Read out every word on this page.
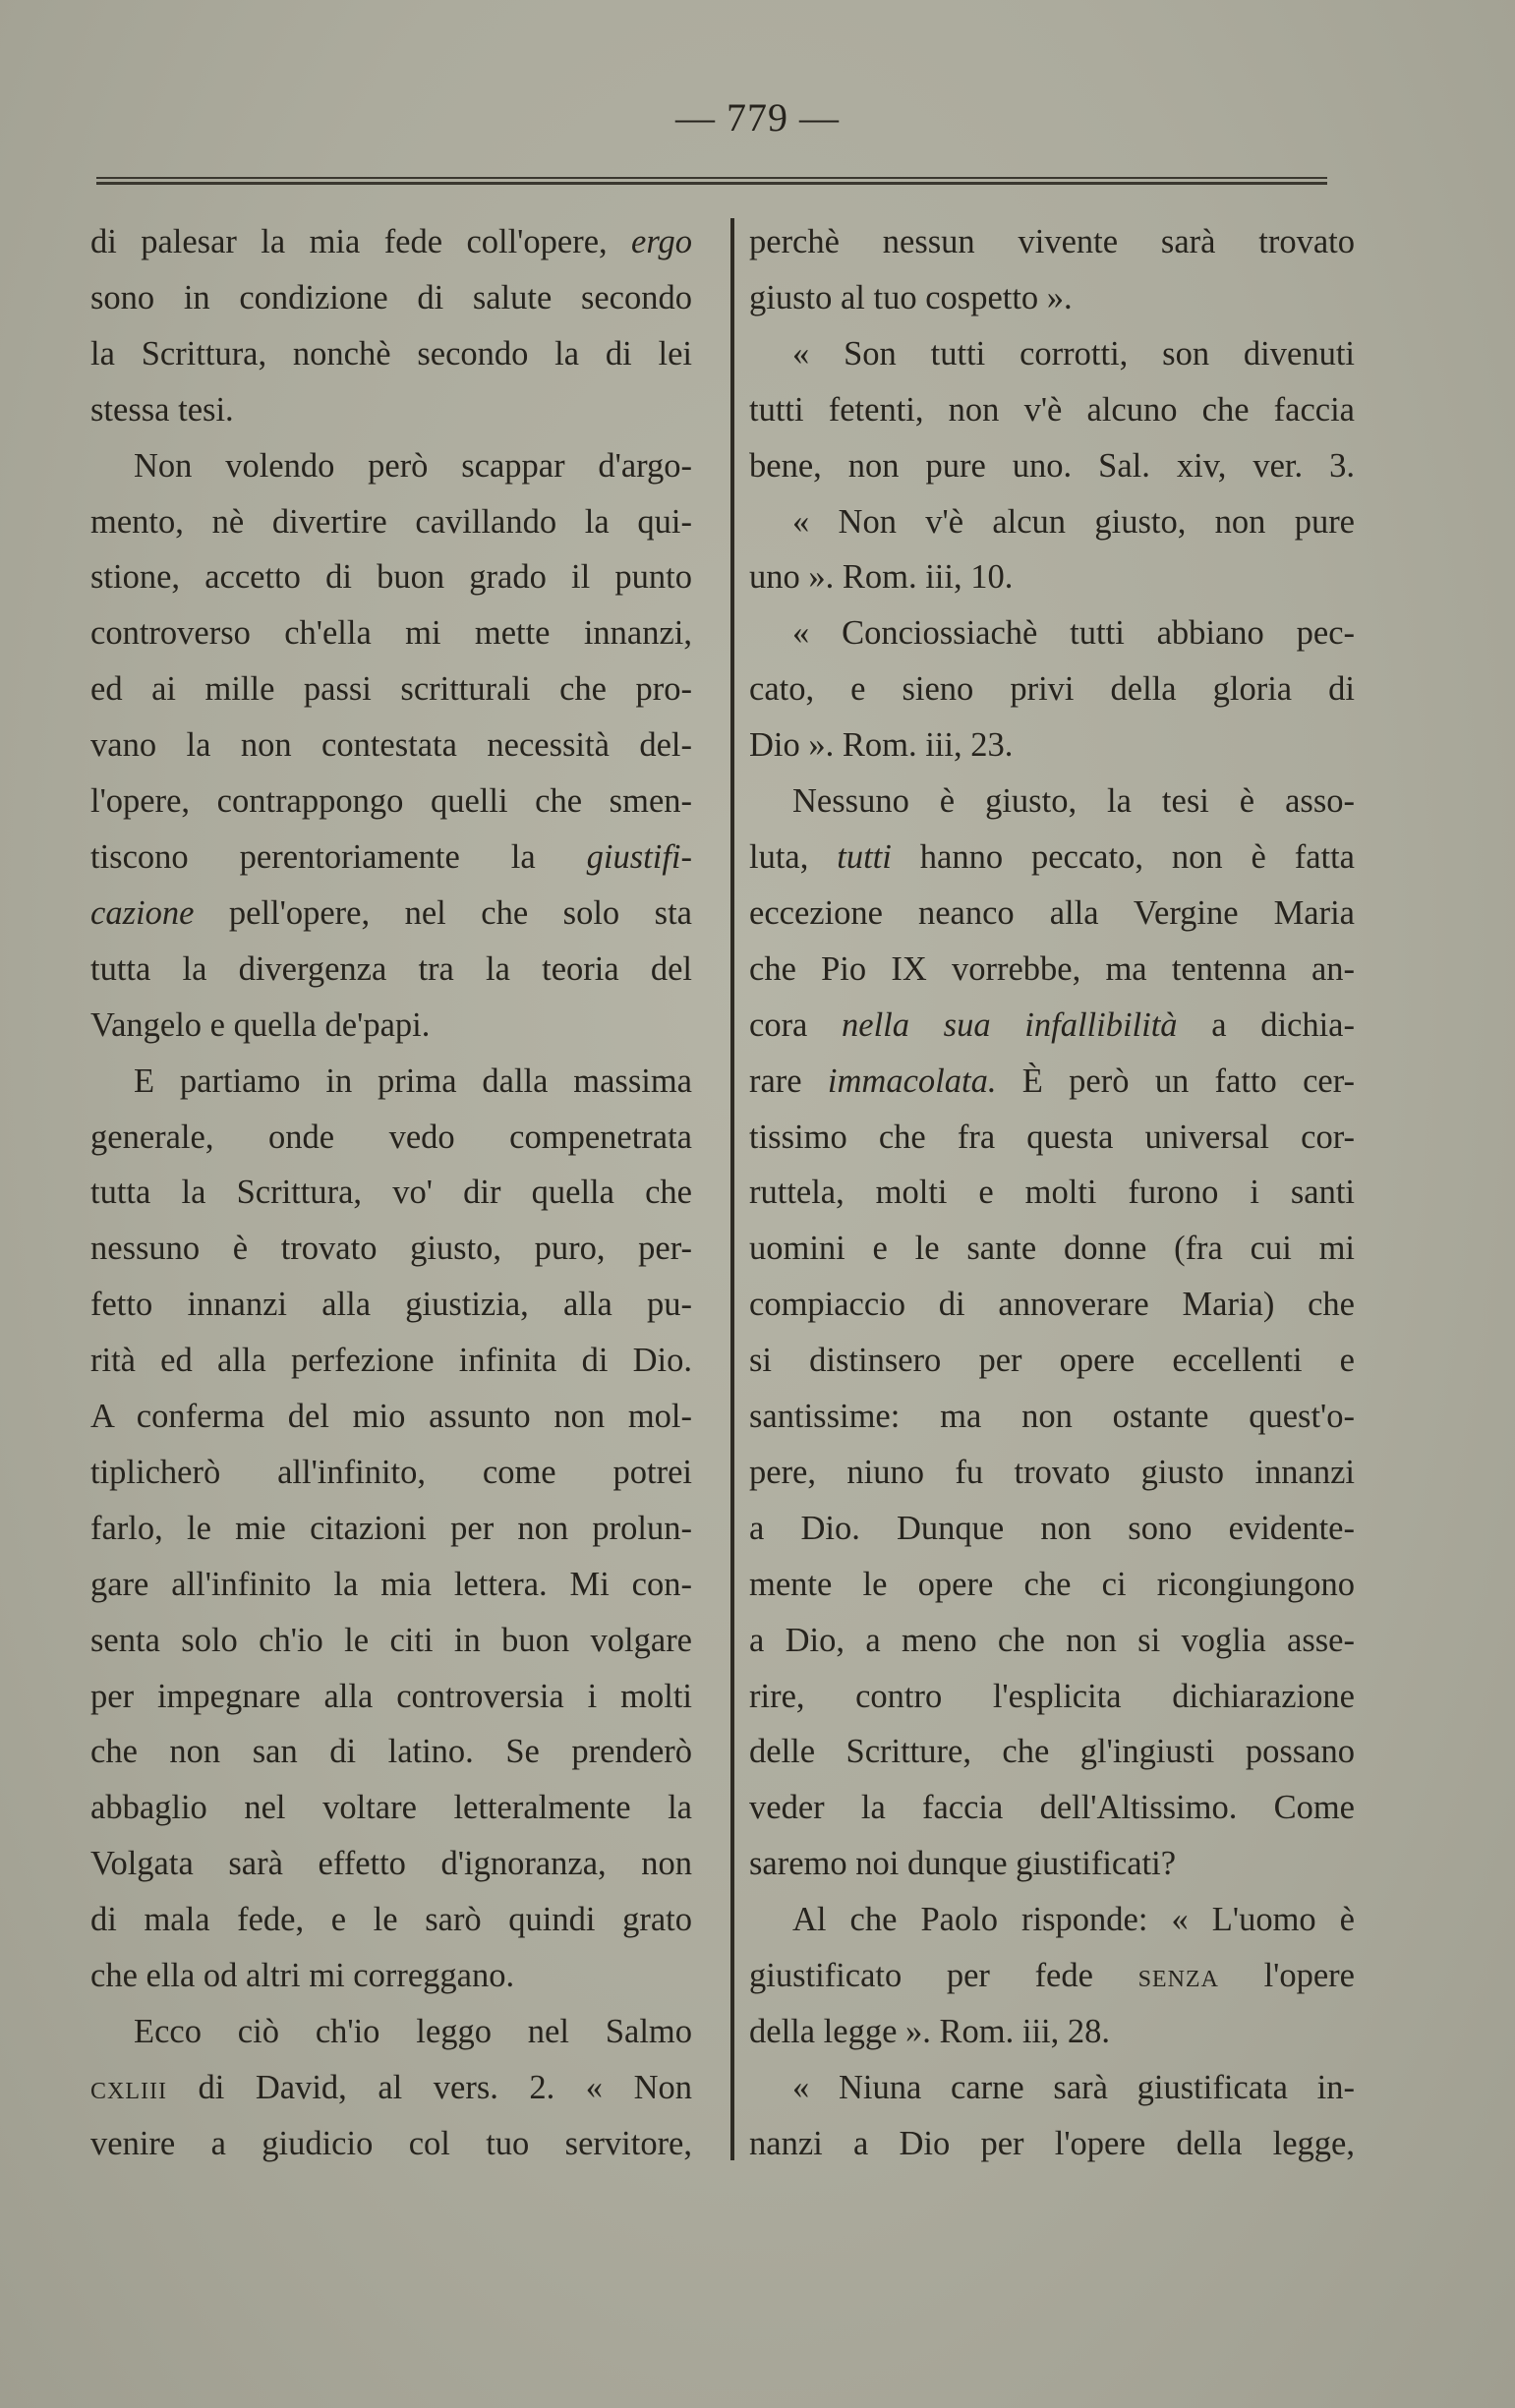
— 779 —

di palesar la mia fede coll'opere, ergo

sono in condizione di salute secondo

la Scrittura, nonchè secondo la di lei

stessa tesi.

Non volendo però scappar d'argo-

mento, nè divertire cavillando la qui-

stione, accetto di buon grado il punto

controverso ch'ella mi mette innanzi,

ed ai mille passi scritturali che pro-

vano la non contestata necessità del-

l'opere, contrappongo quelli che smen-

tiscono perentoriamente la giustifi-

cazione pell'opere, nel che solo sta

tutta la divergenza tra la teoria del

Vangelo e quella de'papi.

E partiamo in prima dalla massima

generale, onde vedo compenetrata

tutta la Scrittura, vo' dir quella che

nessuno è trovato giusto, puro, per-

fetto innanzi alla giustizia, alla pu-

rità ed alla perfezione infinita di Dio.

A conferma del mio assunto non mol-

tiplicherò all'infinito, come potrei

farlo, le mie citazioni per non prolun-

gare all'infinito la mia lettera. Mi con-

senta solo ch'io le citi in buon volgare

per impegnare alla controversia i molti

che non san di latino. Se prenderò

abbaglio nel voltare letteralmente la

Volgata sarà effetto d'ignoranza, non

di mala fede, e le sarò quindi grato

che ella od altri mi correggano.

Ecco ciò ch'io leggo nel Salmo

cxliii di David, al vers. 2. « Non

venire a giudicio col tuo servitore,

perchè nessun vivente sarà trovato

giusto al tuo cospetto ».

« Son tutti corrotti, son divenuti

tutti fetenti, non v'è alcuno che faccia

bene, non pure uno. Sal. xiv, ver. 3.

« Non v'è alcun giusto, non pure

uno ». Rom. iii, 10.

« Conciossiachè tutti abbiano pec-

cato, e sieno privi della gloria di

Dio ». Rom. iii, 23.

Nessuno è giusto, la tesi è asso-

luta, tutti hanno peccato, non è fatta

eccezione neanco alla Vergine Maria

che Pio IX vorrebbe, ma tentenna an-

cora nella sua infallibilità a dichia-

rare immacolata. È però un fatto cer-

tissimo che fra questa universal cor-

ruttela, molti e molti furono i santi

uomini e le sante donne (fra cui mi

compiaccio di annoverare Maria) che

si distinsero per opere eccellenti e

santissime: ma non ostante quest'o-

pere, niuno fu trovato giusto innanzi

a Dio. Dunque non sono evidente-

mente le opere che ci ricongiungono

a Dio, a meno che non si voglia asse-

rire, contro l'esplicita dichiarazione

delle Scritture, che gl'ingiusti possano

veder la faccia dell'Altissimo. Come

saremo noi dunque giustificati?

Al che Paolo risponde: « L'uomo è

giustificato per fede senza l'opere

della legge ». Rom. iii, 28.

« Niuna carne sarà giustificata in-

nanzi a Dio per l'opere della legge,
